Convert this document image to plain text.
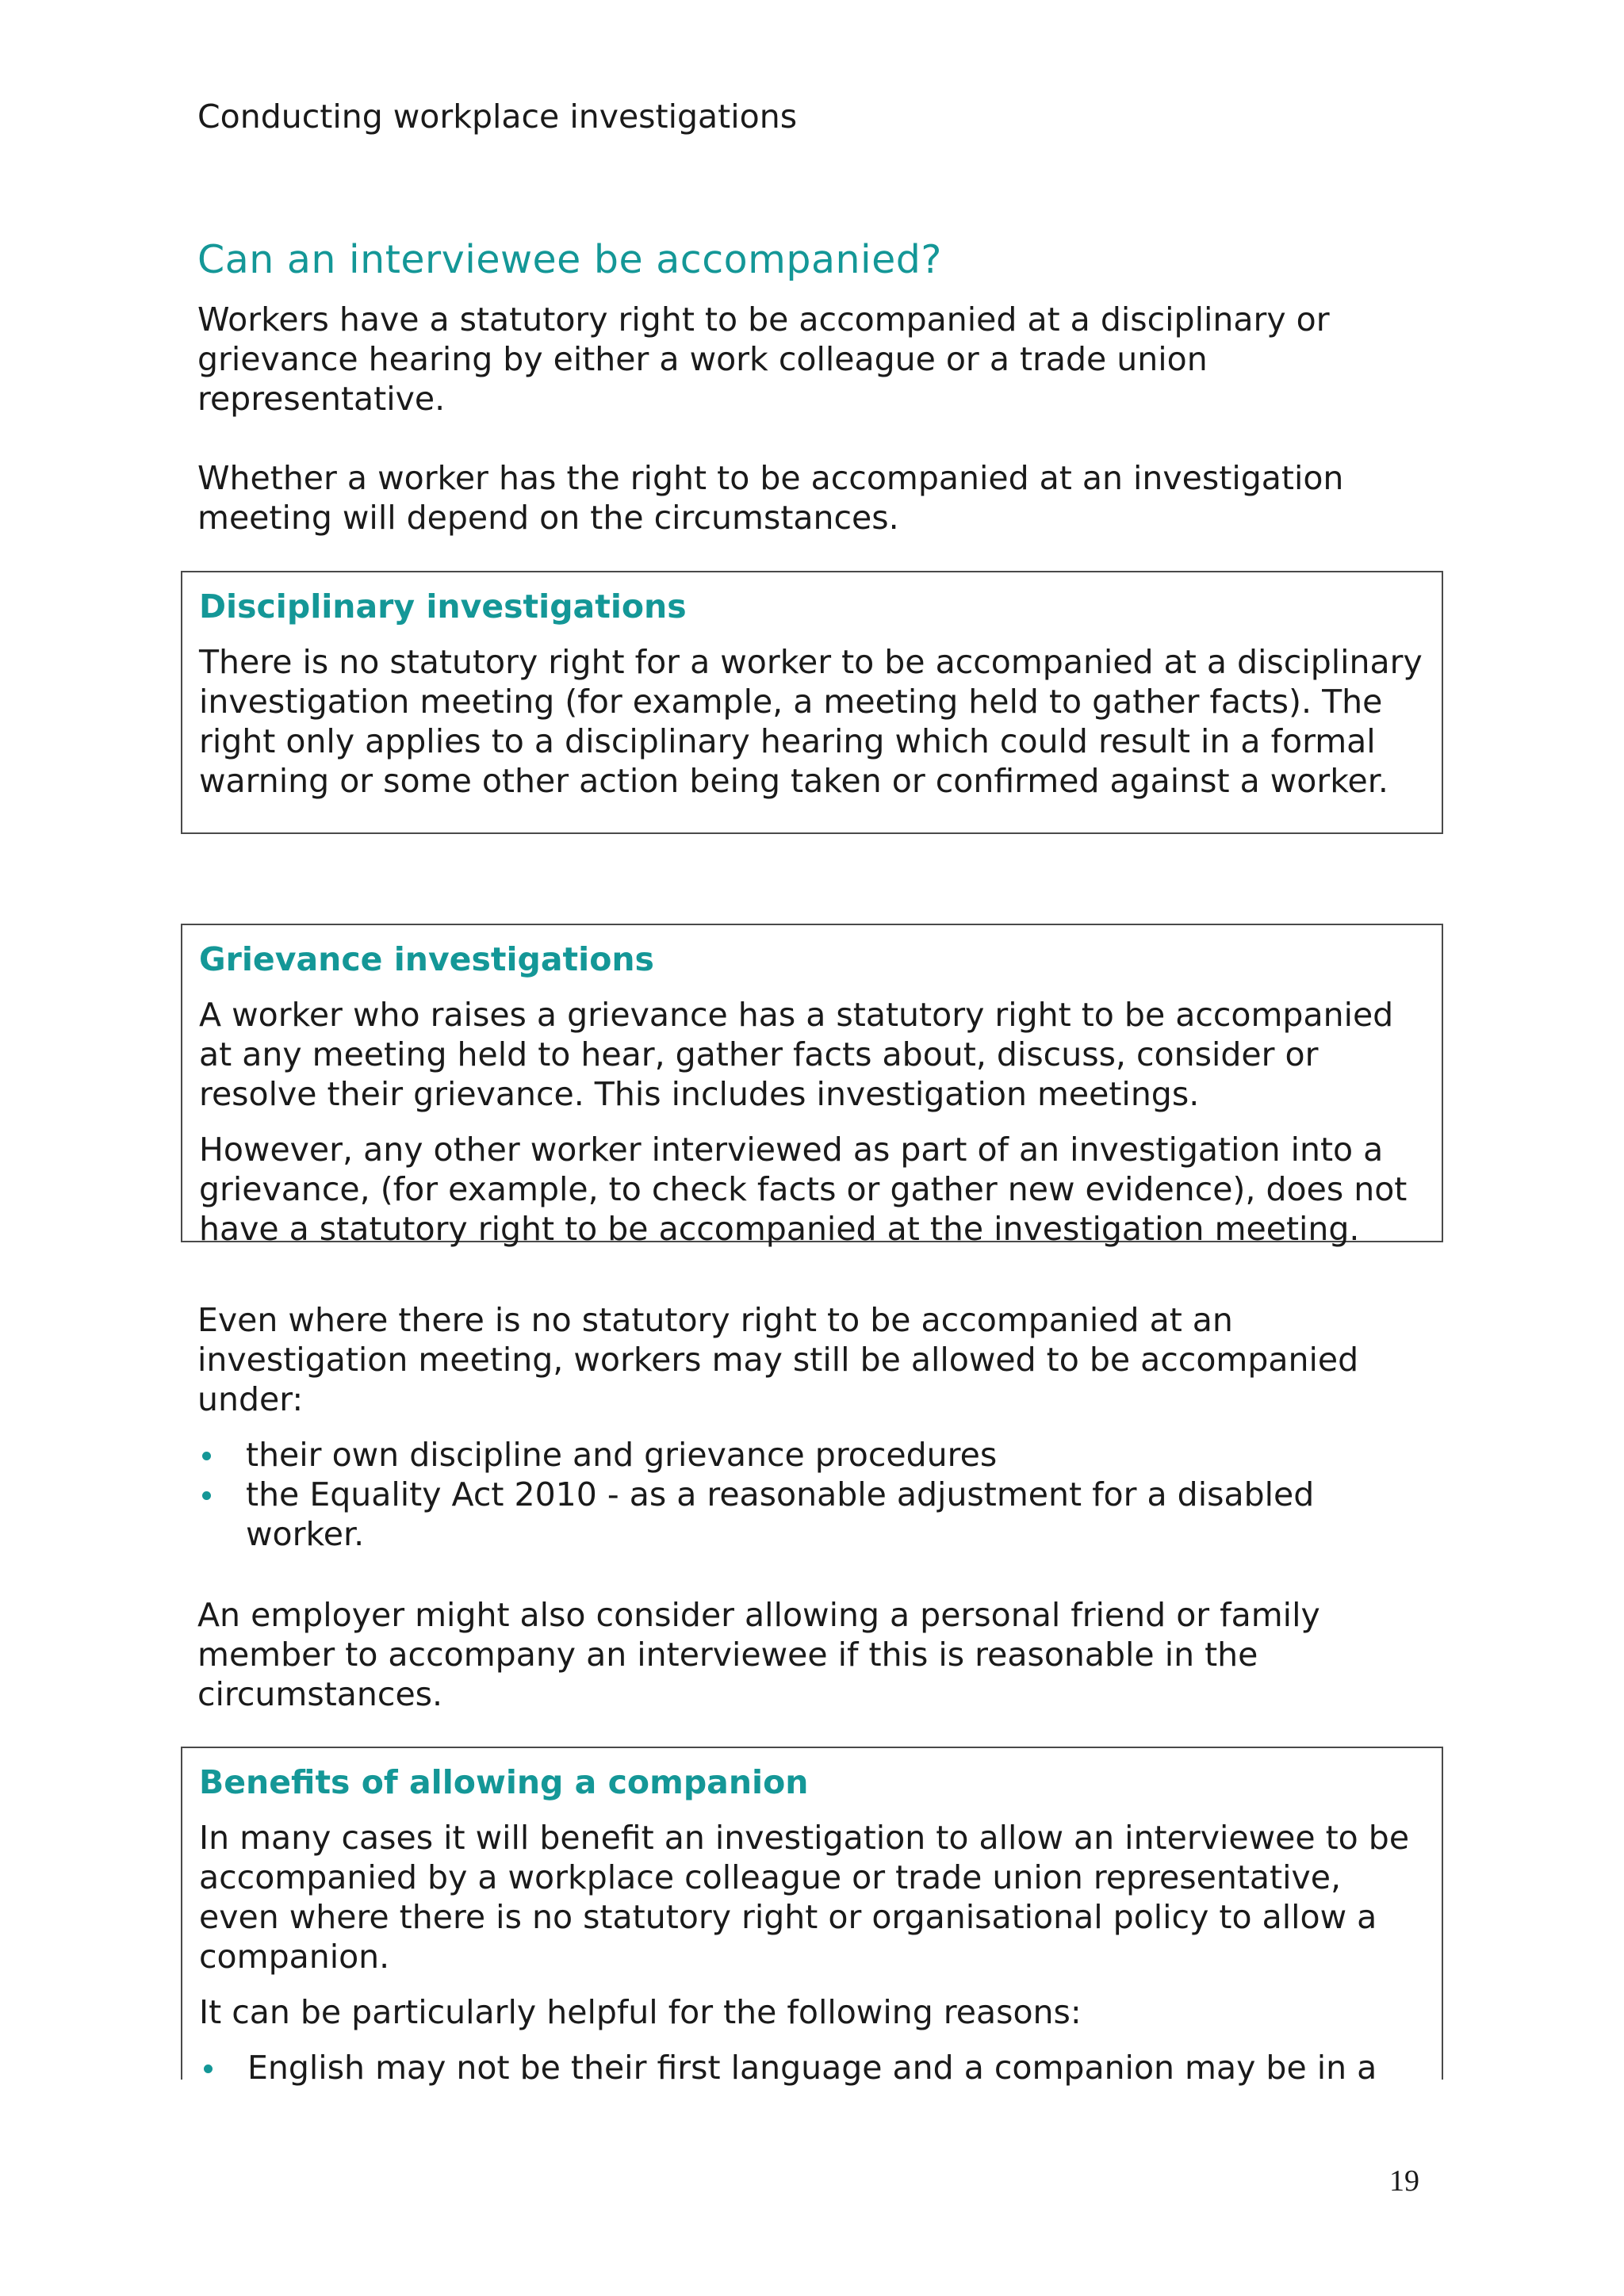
Conducting workplace investigations

Can an interviewee be accompanied?

Workers have a statutory right to be accompanied at a disciplinary or grievance hearing by either a work colleague or a trade union representative.

Whether a worker has the right to be accompanied at an investigation meeting will depend on the circumstances.

Disciplinary investigations

There is no statutory right for a worker to be accompanied at a disciplinary investigation meeting (for example, a meeting held to gather facts). The right only applies to a disciplinary hearing which could result in a formal warning or some other action being taken or confirmed against a worker.

Grievance investigations

A worker who raises a grievance has a statutory right to be accompanied at any meeting held to hear, gather facts about, discuss, consider or resolve their grievance. This includes investigation meetings.

However, any other worker interviewed as part of an investigation into a grievance, (for example, to check facts or gather new evidence), does not have a statutory right to be accompanied at the investigation meeting.

Even where there is no statutory right to be accompanied at an investigation meeting, workers may still be allowed to be accompanied under:

their own discipline and grievance procedures
the Equality Act 2010 - as a reasonable adjustment for a disabled worker.

An employer might also consider allowing a personal friend or family member to accompany an interviewee if this is reasonable in the circumstances.

Benefits of allowing a companion

In many cases it will benefit an investigation to allow an interviewee to be accompanied by a workplace colleague or trade union representative, even where there is no statutory right or organisational policy to allow a companion.

It can be particularly helpful for the following reasons:

English may not be their first language and a companion may be in a

19
